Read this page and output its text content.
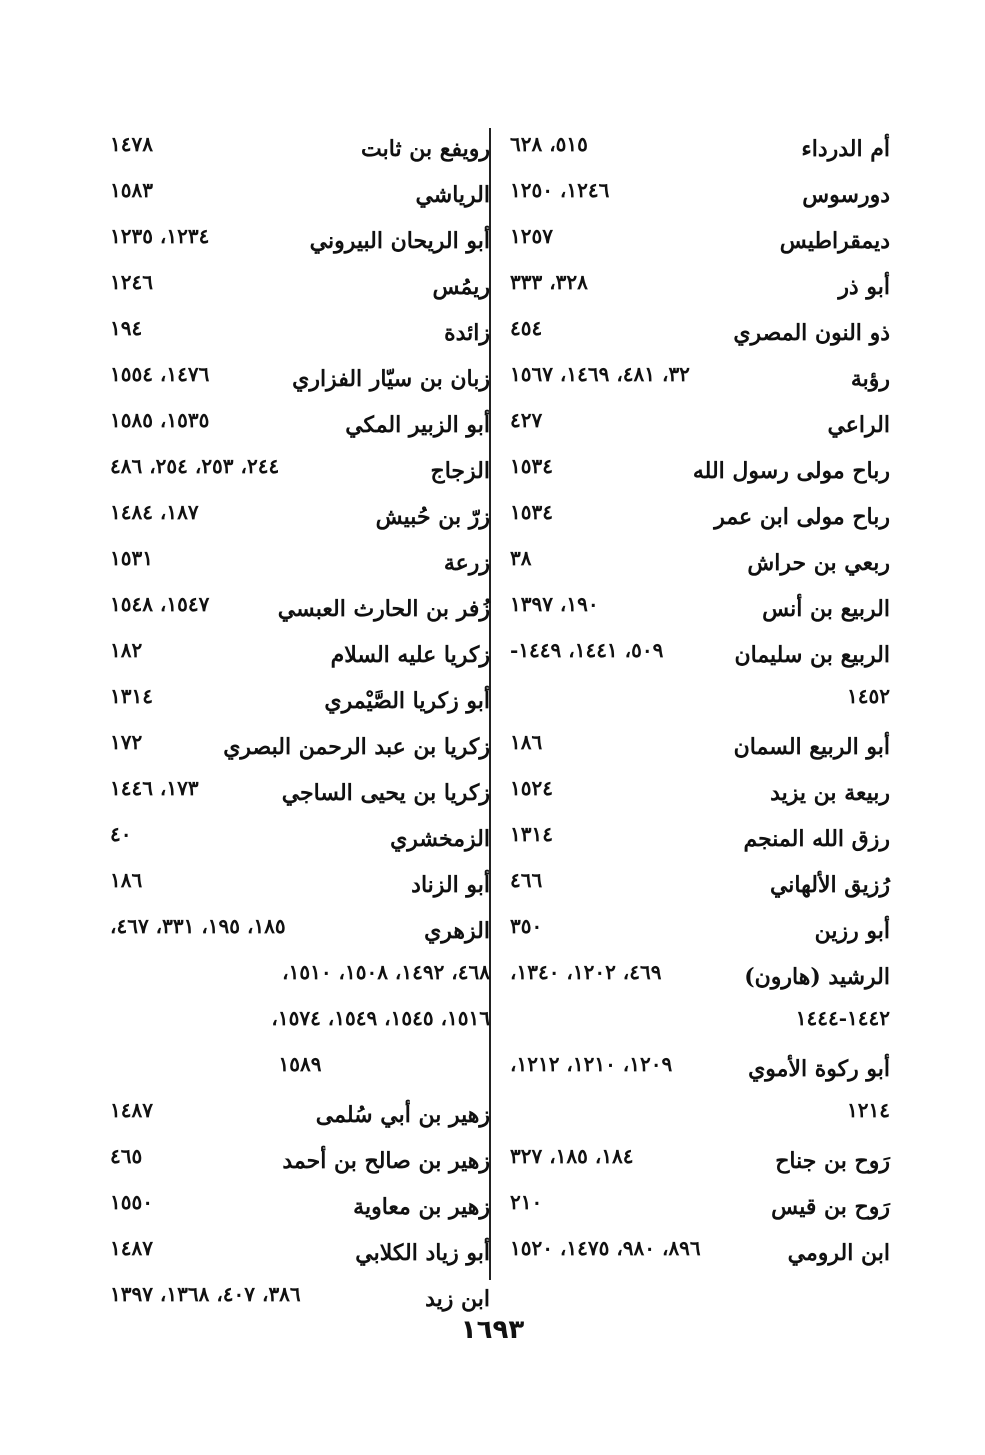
أم الدرداء
٥١٥، ٦٢٨
دورسوس
١٢٤٦، ١٢٥٠
ديمقراطيس
١٢٥٧
أبو ذر
٣٢٨، ٣٣٣
ذو النون المصري
٤٥٤
رؤبة
٣٢، ٤٨١، ١٤٦٩، ١٥٦٧
الراعي
٤٢٧
رباح مولى رسول الله
١٥٣٤
رباح مولى ابن عمر
١٥٣٤
ربعي بن حراش
٣٨
الربيع بن أنس
١٩٠، ١٣٩٧
الربيع بن سليمان
٥٠٩، ١٤٤١، ١٤٤٩-
١٤٥٢
أبو الربيع السمان
١٨٦
ربيعة بن يزيد
١٥٢٤
رزق الله المنجم
١٣١٤
رُزيق الألهاني
٤٦٦
أبو رزين
٣٥٠
الرشيد (هارون)
٤٦٩، ١٢٠٢، ١٣٤٠،
١٤٤٢-١٤٤٤
أبو ركوة الأموي
١٢٠٩، ١٢١٠، ١٢١٢،
١٢١٤
رَوح بن جناح
١٨٤، ١٨٥، ٣٢٧
رَوح بن قيس
٢١٠
ابن الرومي
٨٩٦، ٩٨٠، ١٤٧٥، ١٥٢٠
رويفع بن ثابت
١٤٧٨
الرياشي
١٥٨٣
أبو الريحان البيروني
١٢٣٤، ١٢٣٥
ريمُس
١٢٤٦
زائدة
١٩٤
زبان بن سيّار الفزاري
١٤٧٦، ١٥٥٤
أبو الزبير المكي
١٥٣٥، ١٥٨٥
الزجاج
٢٤٤، ٢٥٣، ٢٥٤، ٤٨٦
زرّ بن حُبيش
١٨٧، ١٤٨٤
زرعة
١٥٣١
زُفر بن الحارث العبسي
١٥٤٧، ١٥٤٨
زكريا عليه السلام
١٨٢
أبو زكريا الصَّيْمري
١٣١٤
زكريا بن عبد الرحمن البصري
١٧٢
زكريا بن يحيى الساجي
١٧٣، ١٤٤٦
الزمخشري
٤٠
أبو الزناد
١٨٦
الزهري
١٨٥، ١٩٥، ٣٣١، ٤٦٧،
٤٦٨، ١٤٩٢، ١٥٠٨، ١٥١٠،
١٥١٦، ١٥٤٥، ١٥٤٩، ١٥٧٤،
١٥٨٩
زهير بن أبي سُلمى
١٤٨٧
زهير بن صالح بن أحمد
٤٦٥
زهير بن معاوية
١٥٥٠
أبو زياد الكلابي
١٤٨٧
ابن زيد
٣٨٦، ٤٠٧، ١٣٦٨، ١٣٩٧
١٦٩٣
